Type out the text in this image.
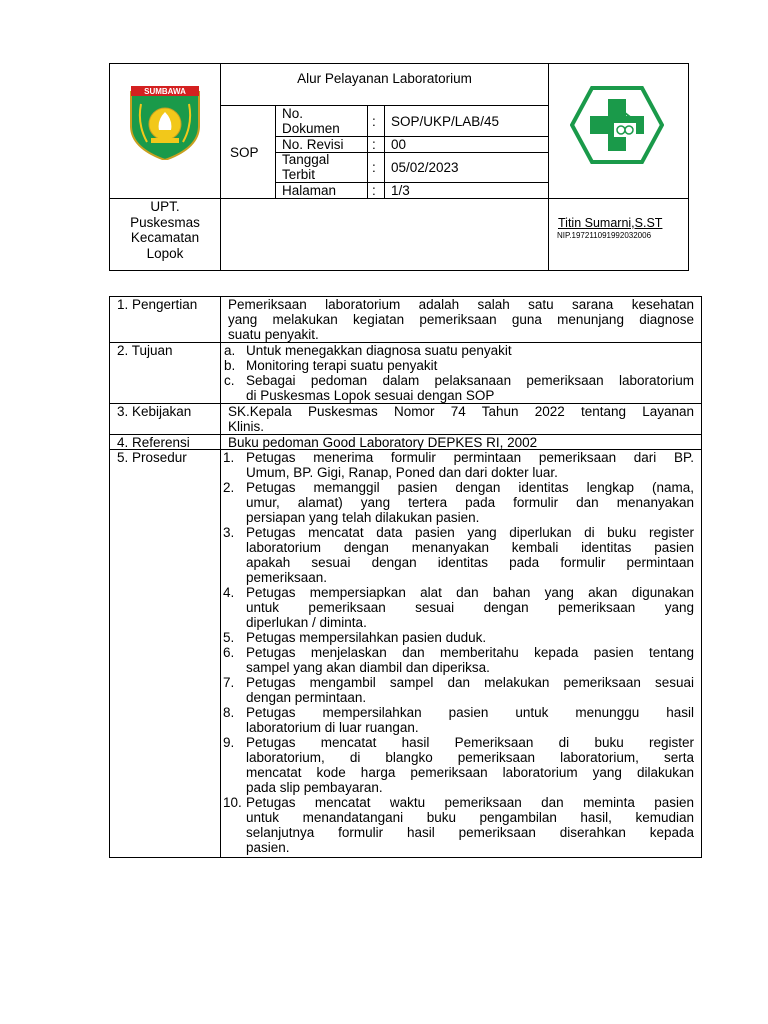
SUMBAWA
Alur Pelayanan Laboratorium
SOP
No.
Dokumen : SOP/UKP/LAB/45
No. Revisi : 00
Tanggal
Terbit	: 05/02/2023
Halaman	: 1/3
UPT.
Puskesmas
Kecamatan
Lopok
Titin Sumarni,S.ST
NIP.197211091992032006
1. Pengertian
2. Tujuan
3. Kebijakan
4. Referensi
5. Prosedur
Pemeriksaan laboratorium adalah salah satu sarana kesehatan
yang melakukan kegiatan pemeriksaan guna menunjang diagnose
suatu penyakit.
a. Untuk menegakkan diagnosa suatu penyakit
b. Monitoring terapi suatu penyakit
c. Sebagai pedoman dalam pelaksanaan pemeriksaan laboratorium
di Puskesmas Lopok sesuai dengan SOP
SK.Kepala Puskesmas Nomor 74 Tahun 2022 tentang Layanan
Klinis.
Buku pedoman Good Laboratory DEPKES RI, 2002
1. Petugas menerima formulir permintaan pemeriksaan dari BP.
Umum, BP. Gigi, Ranap, Poned dan dari dokter luar.
2. Petugas memanggil pasien dengan identitas lengkap (nama,
umur, alamat) yang tertera pada formulir dan menanyakan
persiapan yang telah dilakukan pasien.
3. Petugas mencatat data pasien yang diperlukan di buku register
laboratorium dengan menanyakan kembali identitas pasien
apakah sesuai dengan identitas pada formulir permintaan
pemeriksaan.
4. Petugas mempersiapkan alat dan bahan yang akan digunakan
untuk pemeriksaan sesuai dengan pemeriksaan yang
diperlukan / diminta.
5. Petugas mempersilahkan pasien duduk.
6. Petugas menjelaskan dan memberitahu kepada pasien tentang
sampel yang akan diambil dan diperiksa.
7. Petugas mengambil sampel dan melakukan pemeriksaan sesuai
dengan permintaan.
8. Petugas mempersilahkan pasien untuk menunggu hasil
laboratorium di luar ruangan.
9. Petugas mencatat hasil Pemeriksaan di buku register
laboratorium, di blangko pemeriksaan laboratorium, serta
mencatat kode harga pemeriksaan laboratorium yang dilakukan
pada slip pembayaran.
10. Petugas mencatat waktu pemeriksaan dan meminta pasien
untuk menandatangani buku pengambilan hasil, kemudian
selanjutnya formulir hasil pemeriksaan diserahkan kepada
pasien.
